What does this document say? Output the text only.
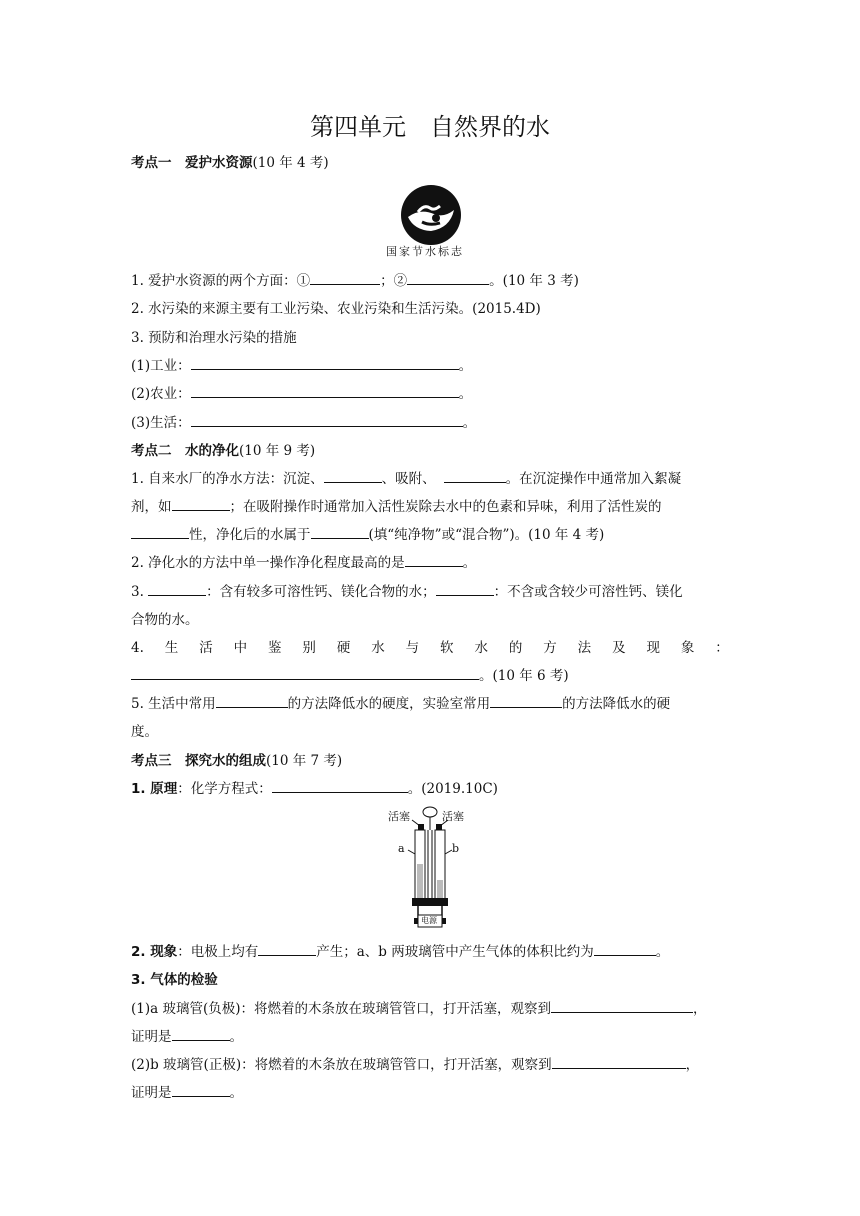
第四单元　自然界的水
考点一　爱护水资源(10 年 4 考)
国家节水标志
1. 爱护水资源的两个方面：①	；②	。(10 年 3 考)
2. 水污染的来源主要有工业污染、农业污染和生活污染。(2015.4D)
3. 预防和治理水污染的措施
(1)工业：	。
(2)农业：	。
(3)生活：	。
考点二　水的净化(10 年 9 考)
1. 自来水厂的净水方法：沉淀、	、吸附、	。在沉淀操作中通常加入絮凝
剂，如	；在吸附操作时通常加入活性炭除去水中的色素和异味，利用了活性炭的
性，净化后的水属于	(填“纯净物”或“混合物”)。(10 年 4 考)
2. 净化水的方法中单一操作净化程度最高的是	。
3.	：含有较多可溶性钙、镁化合物的水；	：不含或含较少可溶性钙、镁化
合物的水。
4. 生 活 中 鉴 别 硬 水 与 软 水 的 方 法 及 现 象 ：
。(10 年 6 考)
5. 生活中常用	的方法降低水的硬度，实验室常用	的方法降低水的硬
度。
考点三　探究水的组成(10 年 7 考)
1. 原理：化学方程式：	。(2019.10C)
活塞	活塞
a	b
电源
2. 现象：电极上均有	产生；a、b 两玻璃管中产生气体的体积比约为	。
3. 气体的检验
(1)a 玻璃管(负极)：将燃着的木条放在玻璃管管口，打开活塞，观察到	，
证明是	。
(2)b 玻璃管(正极)：将燃着的木条放在玻璃管管口，打开活塞，观察到	，
证明是	。
